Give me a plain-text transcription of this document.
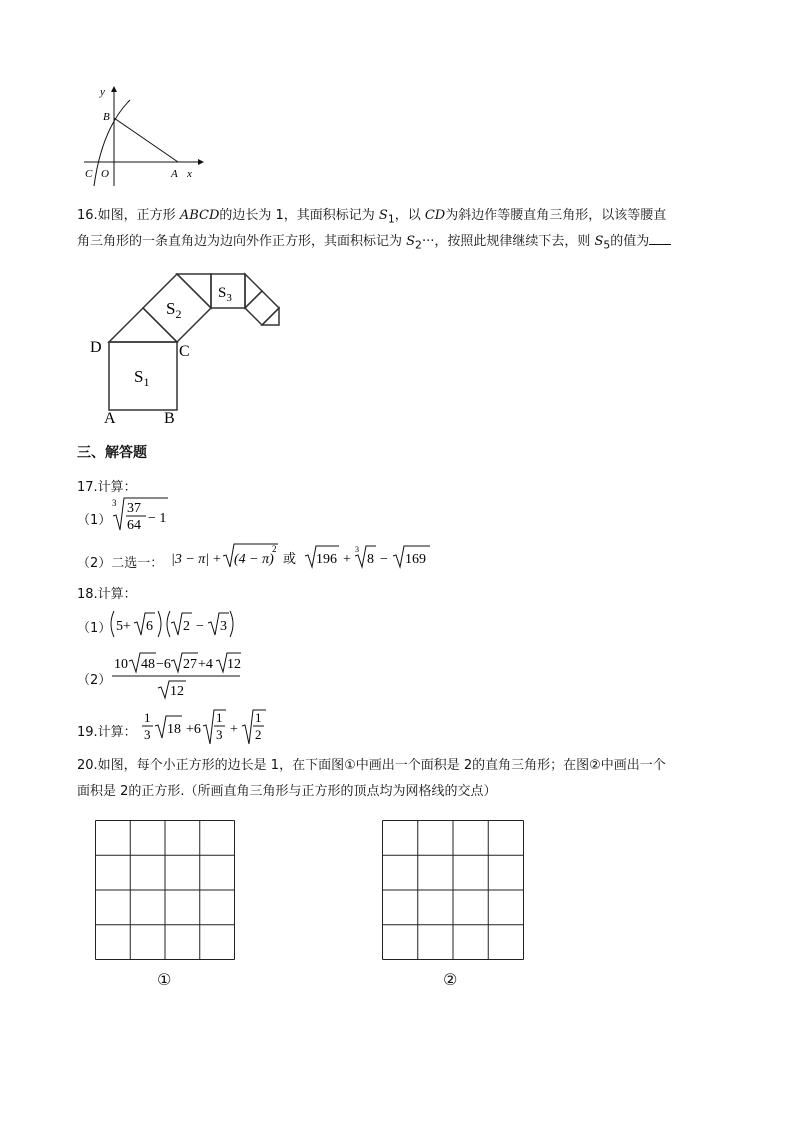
y
B
C O	A x
16.如图，正方形 ABCD的边长为 1，其面积标记为 $S_1$，以 CD为斜边作等腰直角三角形，以该等腰直
角三角形的一条直角边为边向外作正方形，其面积标记为 $S_2\cdot\cdot\cdot$，按照此规律继续下去，则 $S_5$的值为
D	C
A	B
$S_1$
$S_2$
$S_3$
三、解答题
17.计算：
（1）
3 37
64 − 1
（2）二选一： |3 − π| + (4 − π)
2
或 196 +
3
8 − 169
18.计算：
（1） 5+ 6 2 − 3
（2）
10 48 −6 27 +4 12
12
19.计算：
1
3 18 +6
1
3 +
1
2
20.如图，每个小正方形的边长是 1，在下面图①中画出一个面积是 2的直角三角形；在图②中画出一个
面积是 2的正方形.（所画直角三角形与正方形的顶点均为网格线的交点）
①	②
